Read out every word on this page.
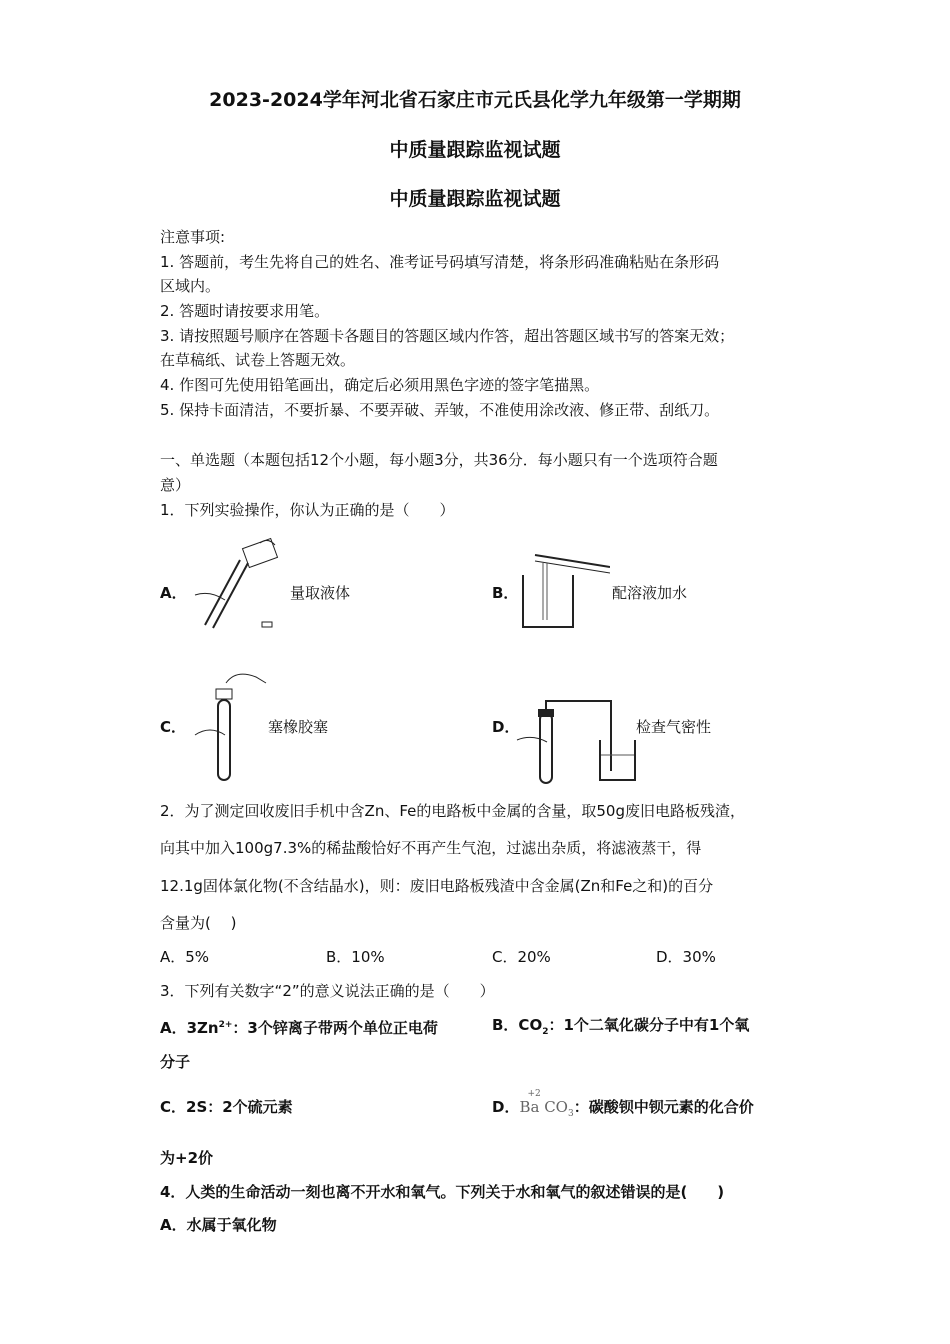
2023-2024学年河北省石家庄市元氏县化学九年级第一学期期
中质量跟踪监视试题
中质量跟踪监视试题
注意事项:
1. 答题前，考生先将自己的姓名、准考证号码填写清楚，将条形码准确粘贴在条形码
区域内。
2. 答题时请按要求用笔。
3. 请按照题号顺序在答题卡各题目的答题区域内作答，超出答题区域书写的答案无效；
在草稿纸、试卷上答题无效。
4. 作图可先使用铅笔画出，确定后必须用黑色字迹的签字笔描黑。
5. 保持卡面清洁，不要折暴、不要弄破、弄皱，不准使用涂改液、修正带、刮纸刀。
一、单选题（本题包括12个小题，每小题3分，共36分．每小题只有一个选项符合题
意）
1．下列实验操作，你认为正确的是（　　）
A．	量取液体	B．	配溶液加水
C．	塞橡胶塞	D．	检查气密性
2．为了测定回收废旧手机中含Zn、Fe的电路板中金属的含量，取50g废旧电路板残渣，
向其中加入100g7.3%的稀盐酸恰好不再产生气泡，过滤出杂质，将滤液蒸干，得
12.1g固体氯化物(不含结晶水)，则：废旧电路板残渣中含金属(Zn和Fe之和)的百分
含量为(　 )
A．5%	B．10%	C．20%	D．30%
3．下列有关数字“2”的意义说法正确的是（　　）
A．$3Zn^{2+}$：3个锌离子带两个单位正电荷	B．$CO_2$：1个二氧化碳分子中有1个氧
分子
C．2S：2个硫元素	D．
+2
Ba $CO_3$：碳酸钡中钡元素的化合价
为+2价
4．人类的生命活动一刻也离不开水和氧气。下列关于水和氧气的叙述错误的是(　　)
A．水属于氧化物
